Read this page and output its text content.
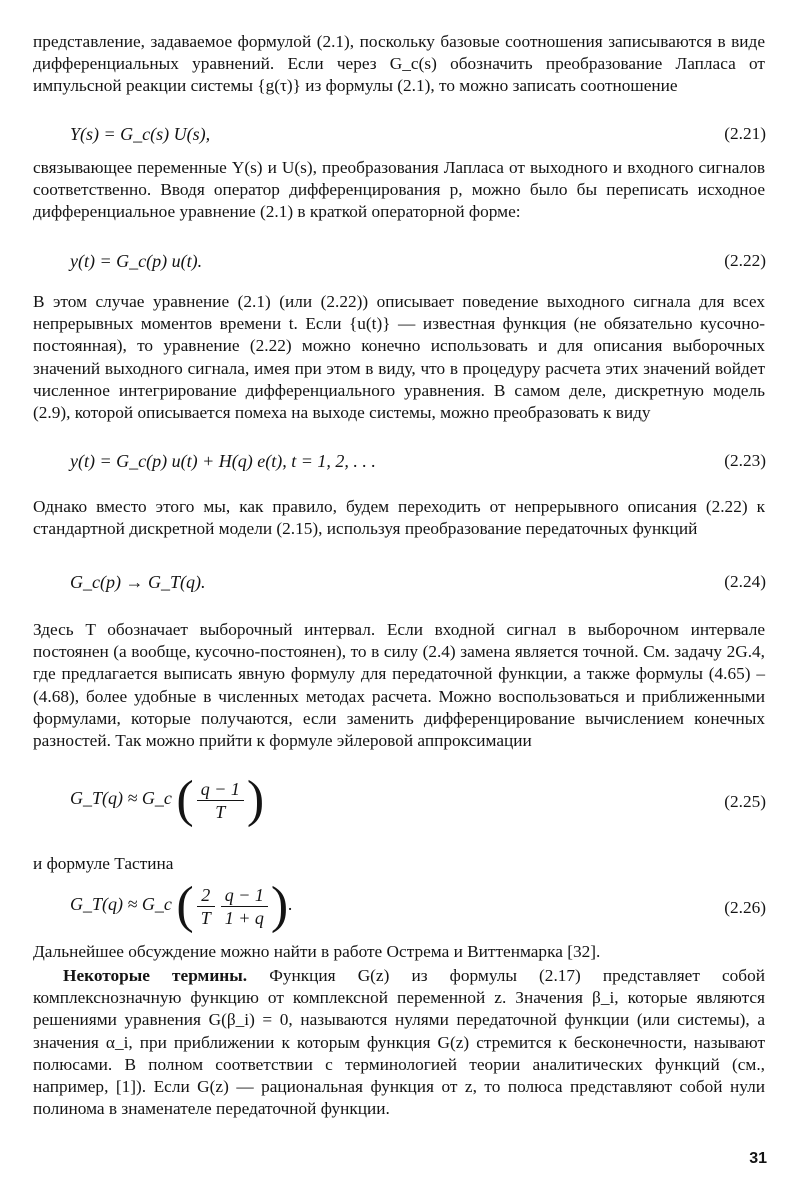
представление, задаваемое формулой (2.1), поскольку базовые соотношения записываются в виде дифференциальных уравнений. Если через G_c(s) обозначить преобразование Лапласа от импульсной реакции системы {g(τ)} из формулы (2.1), то можно записать соотношение
Y(s) = G_c(s) U(s),	(2.21)
связывающее переменные Y(s) и U(s), преобразования Лапласа от выходного и входного сигналов соответственно. Вводя оператор дифференцирования p, можно было бы переписать исходное дифференциальное уравнение (2.1) в краткой операторной форме:
y(t) = G_c(p) u(t).	(2.22)
В этом случае уравнение (2.1) (или (2.22)) описывает поведение выходного сигнала для всех непрерывных моментов времени t. Если {u(t)} — известная функция (не обязательно кусочно-постоянная), то уравнение (2.22) можно конечно использовать и для описания выборочных значений выходного сигнала, имея при этом в виду, что в процедуру расчета этих значений войдет численное интегрирование дифференциального уравнения. В самом деле, дискретную модель (2.9), которой описывается помеха на выходе системы, можно преобразовать к виду
y(t) = G_c(p) u(t) + H(q) e(t), t = 1, 2, . . .	(2.23)
Однако вместо этого мы, как правило, будем переходить от непрерывного описания (2.22) к стандартной дискретной модели (2.15), используя преобразование передаточных функций
G_c(p) → G_T(q).	(2.24)
Здесь T обозначает выборочный интервал. Если входной сигнал в выборочном интервале постоянен (а вообще, кусочно-постоянен), то в силу (2.4) замена является точной. См. задачу 2G.4, где предлагается выписать явную формулу для передаточной функции, а также формулы (4.65) – (4.68), более удобные в численных методах расчета. Можно воспользоваться и приближенными формулами, которые получаются, если заменить дифференцирование вычислением конечных разностей. Так можно прийти к формуле эйлеровой аппроксимации
G_T(q) ≈ G_c ( $\frac{q - 1}{T}$ )	(2.25)
и формуле Тастина
G_T(q) ≈ G_c ( $\frac{2}{T} \frac{q - 1}{1 + q}$ ).	(2.26)
Дальнейшее обсуждение можно найти в работе Острема и Виттенмарка [32].
Некоторые термины. Функция G(z) из формулы (2.17) представляет собой комплекснозначную функцию от комплексной переменной z. Значения β_i, которые являются решениями уравнения G(β_i) = 0, называются нулями передаточной функции (или системы), а значения α_i, при приближении к которым функция G(z) стремится к бесконечности, называют полюсами. В полном соответствии с терминологией теории аналитических функций (см., например, [1]). Если G(z) — рациональная функция от z, то полюса представляют собой нули полинома в знаменателе передаточной функции.
31
